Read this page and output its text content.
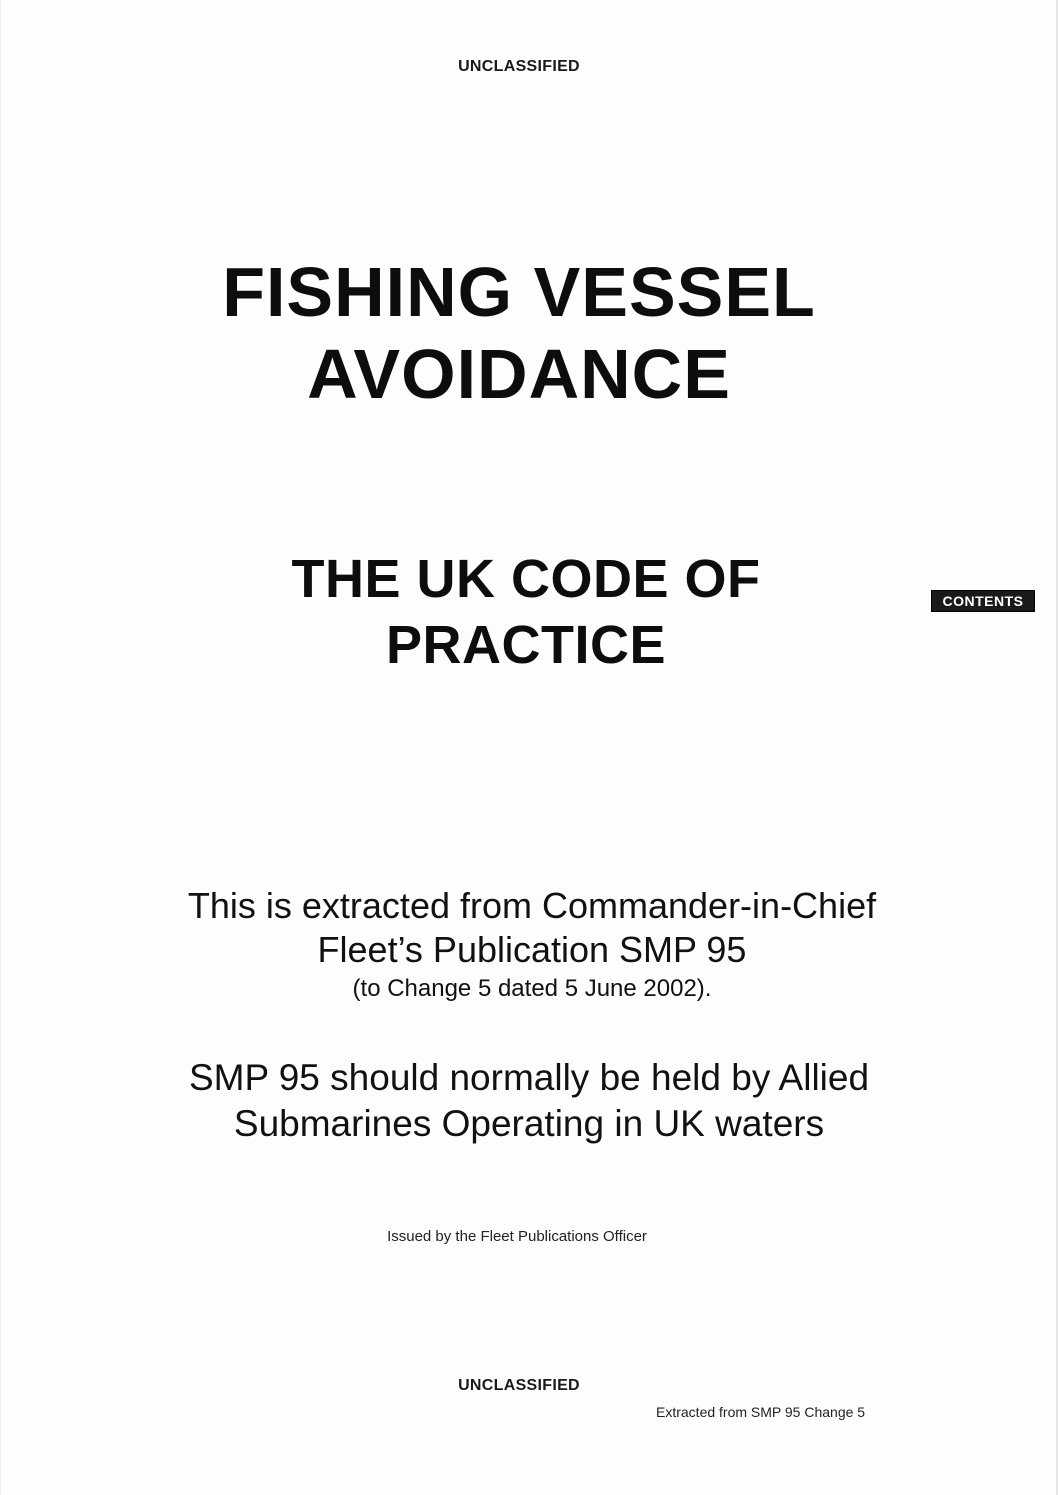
UNCLASSIFIED
FISHING VESSEL
AVOIDANCE
THE UK CODE OF
PRACTICE
CONTENTS
This is extracted from Commander-in-Chief
Fleet’s Publication SMP 95
(to Change 5 dated 5 June 2002).
SMP 95 should normally be held by Allied
Submarines Operating in UK waters
Issued by the Fleet Publications Officer
UNCLASSIFIED
Extracted from SMP 95 Change 5
